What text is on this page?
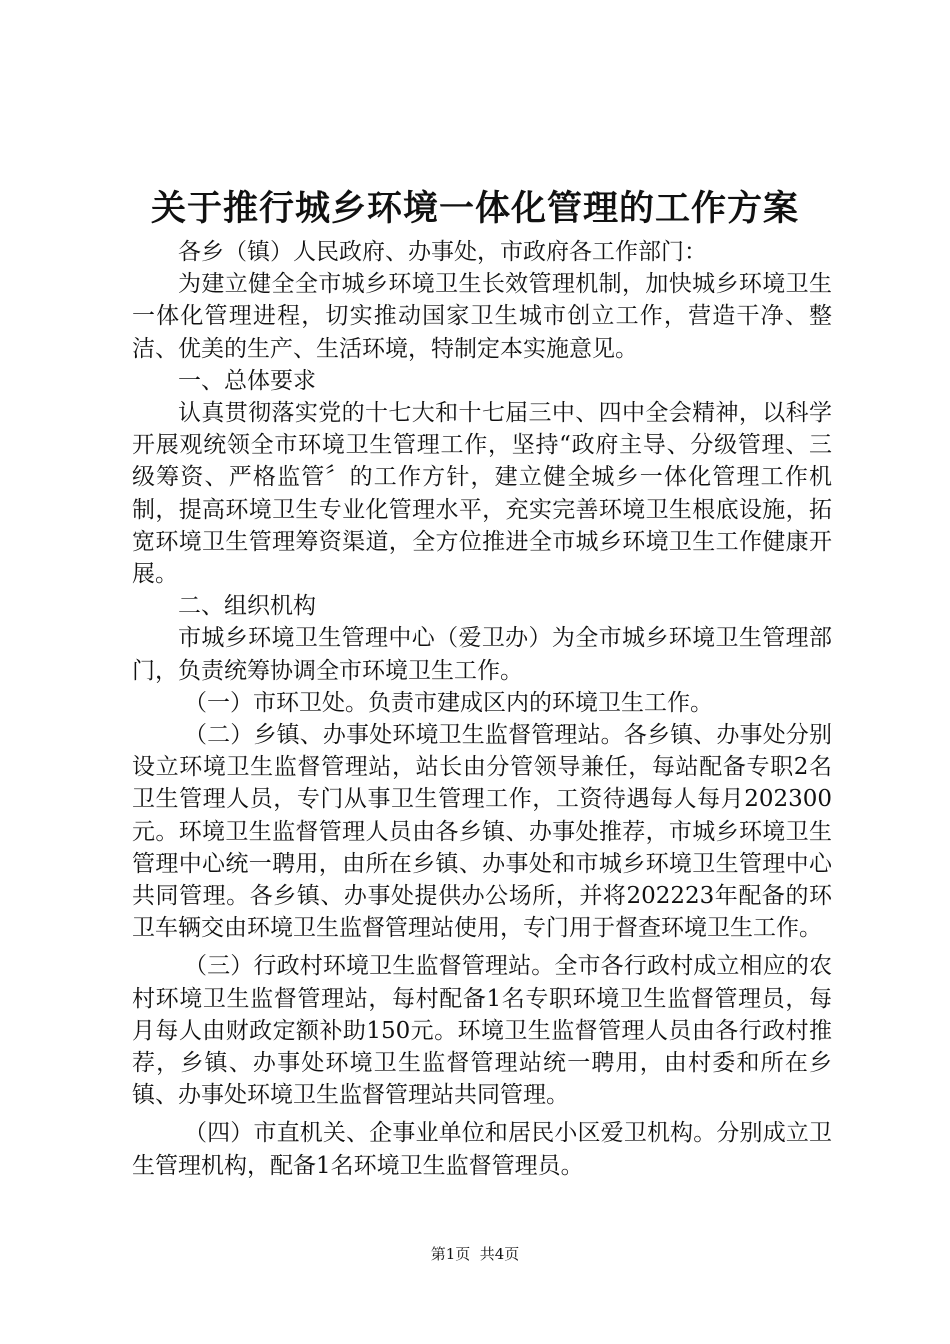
关于推行城乡环境一体化管理的工作方案

各乡（镇）人民政府、办事处，市政府各工作部门：

为建立健全全市城乡环境卫生长效管理机制，加快城乡环境卫生一体化管理进程，切实推动国家卫生城市创立工作，营造干净、整洁、优美的生产、生活环境，特制定本实施意见。

一、总体要求

认真贯彻落实党的十七大和十七届三中、四中全会精神，以科学开展观统领全市环境卫生管理工作，坚持“政府主导、分级管理、三级筹资、严格监管〞的工作方针，建立健全城乡一体化管理工作机制，提高环境卫生专业化管理水平，充实完善环境卫生根底设施，拓宽环境卫生管理筹资渠道，全方位推进全市城乡环境卫生工作健康开展。

二、组织机构

市城乡环境卫生管理中心（爱卫办）为全市城乡环境卫生管理部门，负责统筹协调全市环境卫生工作。

（一）市环卫处。负责市建成区内的环境卫生工作。

（二）乡镇、办事处环境卫生监督管理站。各乡镇、办事处分别设立环境卫生监督管理站，站长由分管领导兼任，每站配备专职2名卫生管理人员，专门从事卫生管理工作，工资待遇每人每月202300元。环境卫生监督管理人员由各乡镇、办事处推荐，市城乡环境卫生管理中心统一聘用，由所在乡镇、办事处和市城乡环境卫生管理中心共同管理。各乡镇、办事处提供办公场所，并将202223年配备的环卫车辆交由环境卫生监督管理站使用，专门用于督查环境卫生工作。

（三）行政村环境卫生监督管理站。全市各行政村成立相应的农村环境卫生监督管理站，每村配备1名专职环境卫生监督管理员，每月每人由财政定额补助150元。环境卫生监督管理人员由各行政村推荐，乡镇、办事处环境卫生监督管理站统一聘用，由村委和所在乡镇、办事处环境卫生监督管理站共同管理。

（四）市直机关、企事业单位和居民小区爱卫机构。分别成立卫生管理机构，配备1名环境卫生监督管理员。

第1页  共4页
